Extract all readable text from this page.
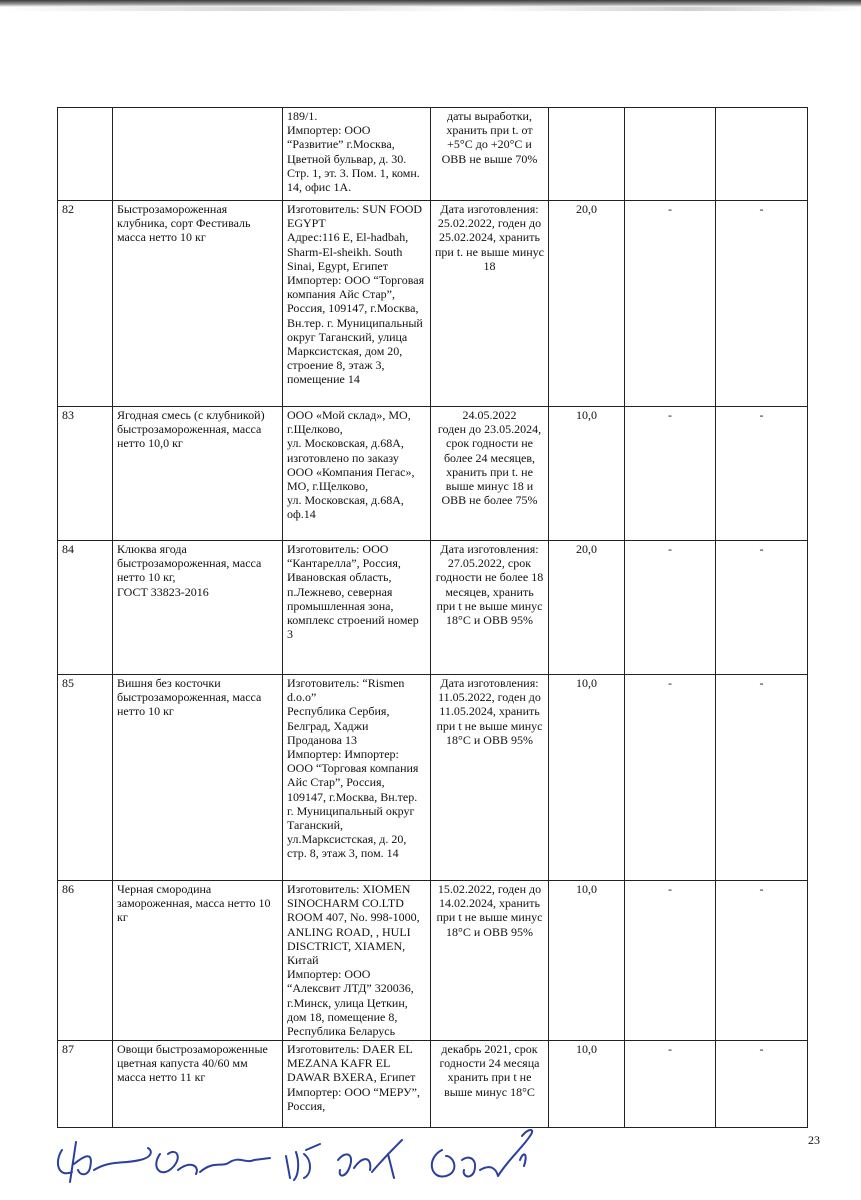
		189/1.
Импортер: ООО “Развитие” г.Москва, Цветной бульвар, д. 30. Стр. 1, эт. 3. Пом. 1, комн. 14, офис 1А.	даты выработки, хранить при t. от +5°С до +20°С и ОВВ не выше 70%			

82	Быстрозамороженная клубника, сорт Фестиваль масса нетто 10 кг	Изготовитель: SUN FOOD EGYPT
Адрес:116 E, El-hadbah, Sharm-El-sheikh. South Sinai, Egypt, Египет
Импортер: ООО “Торговая компания Айс Стар”, Россия, 109147, г.Москва, Вн.тер. г. Муниципальный округ Таганский, улица Марксистская, дом 20, строение 8, этаж 3, помещение 14	Дата изготовления: 25.02.2022, годен до 25.02.2024, хранить при t. не выше минус 18	20,0	-	-
83	Ягодная смесь (с клубникой) быстрозамороженная, масса нетто 10,0 кг	ООО «Мой склад», МО, г.Щелково,
ул. Московская, д.68А, изготовлено по заказу ООО «Компания Пегас», МО, г.Щелково,
ул. Московская, д.68А, оф.14	24.05.2022
годен до 23.05.2024, срок годности не более 24 месяцев, хранить при t. не выше минус 18 и ОВВ не более 75%	10,0	-	-
84	Клюква ягода быстрозамороженная, масса нетто 10 кг,
ГОСТ 33823-2016	Изготовитель: ООО “Кантарелла”, Россия, Ивановская область, п.Лежнево, северная промышленная зона, комплекс строений номер 3	Дата изготовления: 27.05.2022, срок годности не более 18 месяцев, хранить при t не выше минус 18°С и ОВВ 95%	20,0	-	-
85	Вишня без косточки быстрозамороженная, масса нетто 10 кг	Изготовитель: “Rismen d.o.o”
Республика Сербия, Белград, Хаджи Проданова 13
Импортер: Импортер: ООО “Торговая компания Айс Стар”, Россия, 109147, г.Москва, Вн.тер. г. Муниципальный округ Таганский, ул.Марксистская, д. 20, стр. 8, этаж 3, пом. 14	Дата изготовления: 11.05.2022, годен до 11.05.2024, хранить при t не выше минус 18°С и ОВВ 95%	10,0	-	-
86	Черная смородина замороженная, масса нетто 10 кг	Изготовитель: XIOMEN SINOCHARM CO.LTD ROOM 407, No. 998-1000, ANLING ROAD, , HULI DISCTRICT, XIAMEN, Китай
Импортер: ООО “Алексвит ЛТД” 320036, г.Минск, улица Цеткин, дом 18, помещение 8, Республика Беларусь	15.02.2022, годен до 14.02.2024, хранить при t не выше минус 18°С и ОВВ 95%	10,0	-	-
87	Овощи быстрозамороженные цветная капуста 40/60 мм масса нетто 11 кг	Изготовитель: DAER EL MEZANA KAFR EL DAWAR BXERA, Египет
Импортер: ООО “МЕРУ”, Россия,	декабрь 2021, срок годности 24 месяца хранить при t не выше минус 18°С	10,0	-	-
23
